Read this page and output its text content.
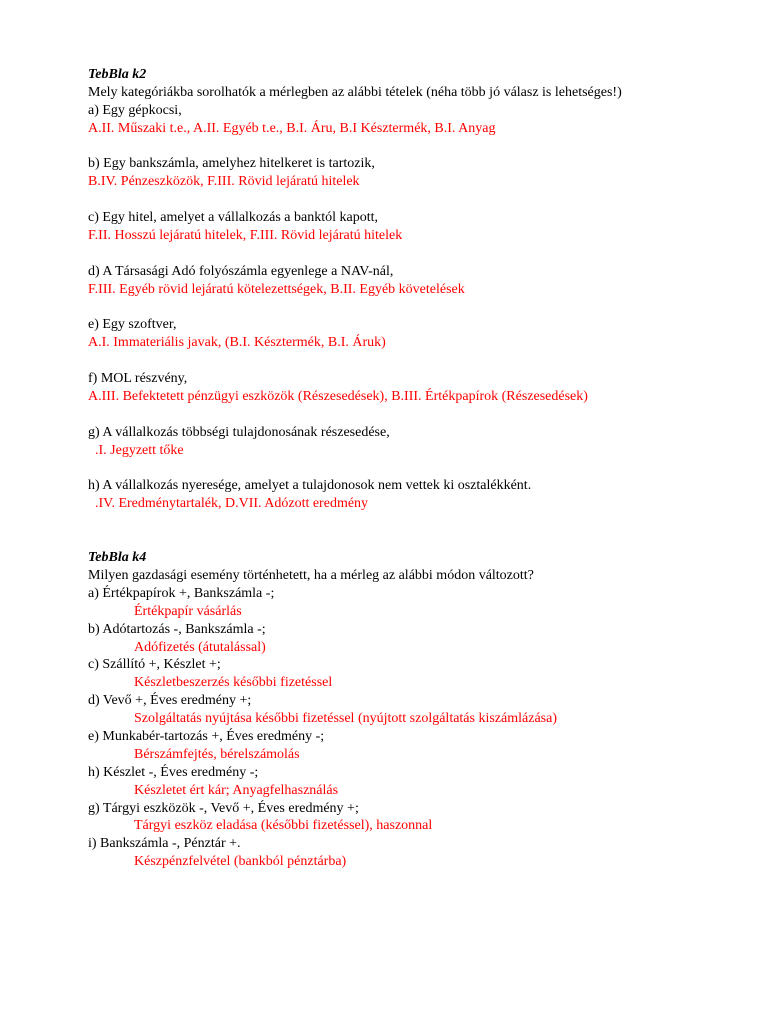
TebBla k2
Mely kategóriákba sorolhatók a mérlegben az alábbi tételek (néha több jó válasz is lehetséges!)
a) Egy gépkocsi,
A.II. Műszaki t.e., A.II. Egyéb t.e., B.I. Áru, B.I Késztermék, B.I. Anyag
b) Egy bankszámla, amelyhez hitelkeret is tartozik,
B.IV. Pénzeszközök, F.III. Rövid lejáratú hitelek
c) Egy hitel, amelyet a vállalkozás a banktól kapott,
F.II. Hosszú lejáratú hitelek, F.III. Rövid lejáratú hitelek
d) A Társasági Adó folyószámla egyenlege a NAV-nál,
F.III. Egyéb rövid lejáratú kötelezettségek, B.II. Egyéb követelések
e) Egy szoftver,
A.I. Immateriális javak, (B.I. Késztermék, B.I. Áruk)
f) MOL részvény,
A.III. Befektetett pénzügyi eszközök (Részesedések), B.III. Értékpapírok (Részesedések)
g) A vállalkozás többségi tulajdonosának részesedése,
.I. Jegyzett tőke
h) A vállalkozás nyeresége, amelyet a tulajdonosok nem vettek ki osztalékként.
.IV. Eredménytartalék, D.VII. Adózott eredmény
TebBla k4
Milyen gazdasági esemény történhetett, ha a mérleg az alábbi módon változott?
a) Értékpapírok +, Bankszámla -;
Értékpapír vásárlás
b) Adótartozás -, Bankszámla -;
Adófizetés (átutalással)
c) Szállító +, Készlet +;
Készletbeszerzés későbbi fizetéssel
d) Vevő +, Éves eredmény +;
Szolgáltatás nyújtása későbbi fizetéssel (nyújtott szolgáltatás kiszámlázása)
e) Munkabér-tartozás +, Éves eredmény -;
Bérszámfejtés, bérelszámolás
h) Készlet -, Éves eredmény -;
Készletet ért kár; Anyagfelhasználás
g) Tárgyi eszközök -, Vevő +, Éves eredmény +;
Tárgyi eszköz eladása (későbbi fizetéssel), haszonnal
i) Bankszámla -, Pénztár +.
Készpénzfelvétel (bankból pénztárba)
